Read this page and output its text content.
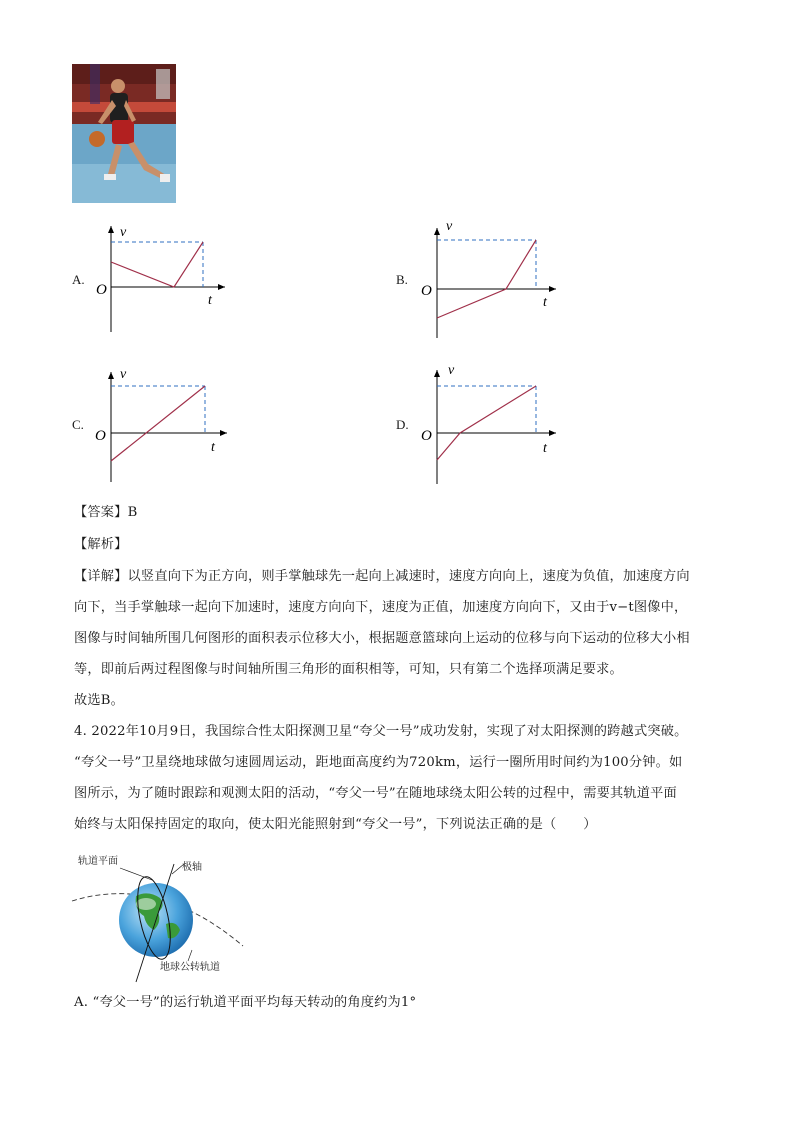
A.
v
O
t
B.
v
O
t
C.
v
O
t
D.
v
O
t
【答案】B
【解析】
【详解】以竖直向下为正方向，则手掌触球先一起向上减速时，速度方向向上，速度为负值，加速度方向
向下，当手掌触球一起向下加速时，速度方向向下，速度为正值，加速度方向向下，又由于v−t图像中，
图像与时间轴所围几何图形的面积表示位移大小，根据题意篮球向上运动的位移与向下运动的位移大小相
等，即前后两过程图像与时间轴所围三角形的面积相等，可知，只有第二个选择项满足要求。
故选B。
4. 2022年10月9日，我国综合性太阳探测卫星“夸父一号”成功发射，实现了对太阳探测的跨越式突破。
“夸父一号”卫星绕地球做匀速圆周运动，距地面高度约为720km，运行一圈所用时间约为100分钟。如
图所示，为了随时跟踪和观测太阳的活动，“夸父一号”在随地球绕太阳公转的过程中，需要其轨道平面
始终与太阳保持固定的取向，使太阳光能照射到“夸父一号”，下列说法正确的是（　　）
轨道平面
极轴
地球公转轨道
A. “夸父一号”的运行轨道平面平均每天转动的角度约为1°
